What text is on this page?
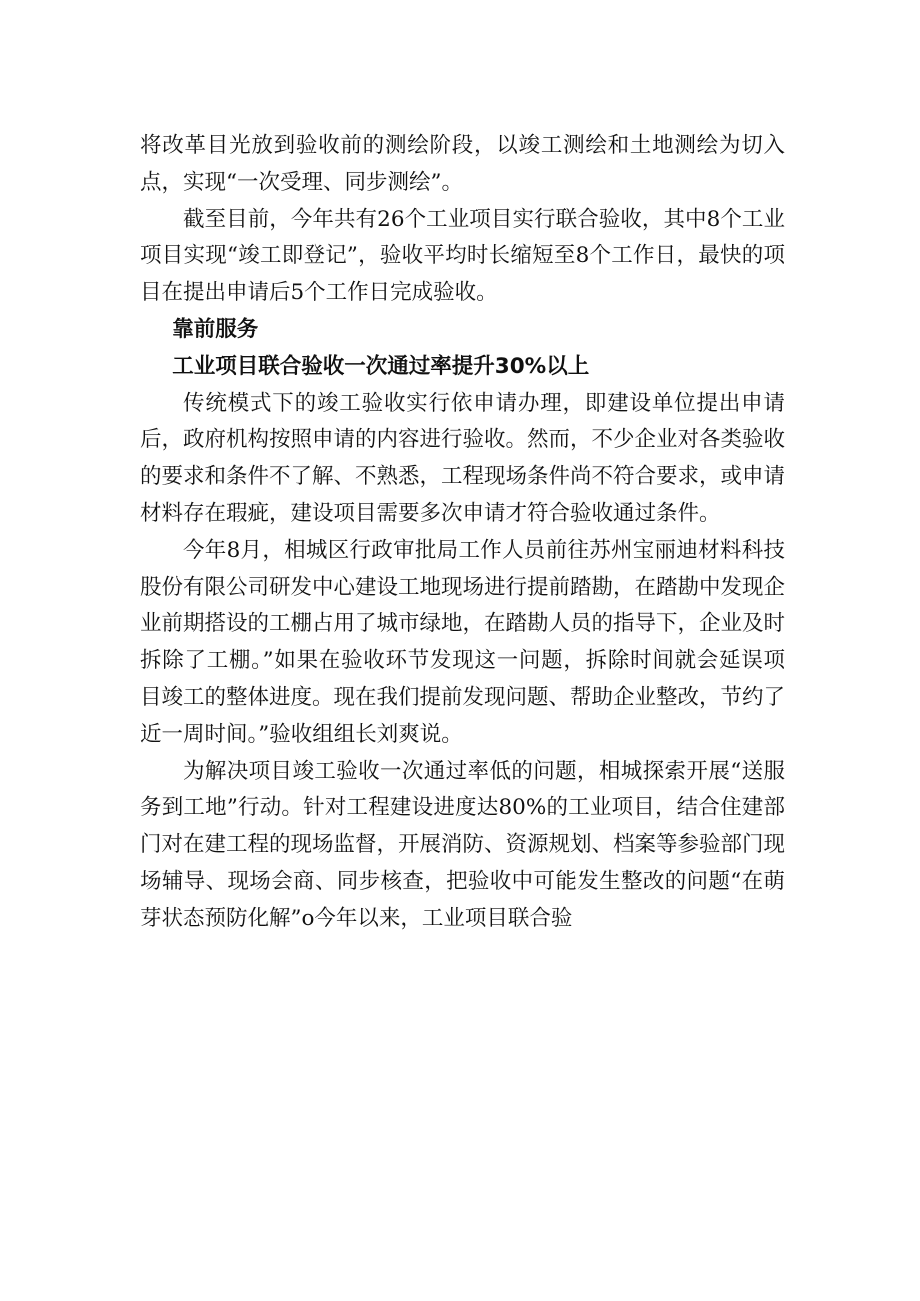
将改革目光放到验收前的测绘阶段，以竣工测绘和土地测绘为切入点，实现“一次受理、同步测绘”。

截至目前，今年共有26个工业项目实行联合验收，其中8个工业项目实现“竣工即登记”，验收平均时长缩短至8个工作日，最快的项目在提出申请后5个工作日完成验收。

靠前服务

工业项目联合验收一次通过率提升30%以上

传统模式下的竣工验收实行依申请办理，即建设单位提出申请后，政府机构按照申请的内容进行验收。然而，不少企业对各类验收的要求和条件不了解、不熟悉，工程现场条件尚不符合要求，或申请材料存在瑕疵，建设项目需要多次申请才符合验收通过条件。

今年8月，相城区行政审批局工作人员前往苏州宝丽迪材料科技股份有限公司研发中心建设工地现场进行提前踏勘，在踏勘中发现企业前期搭设的工棚占用了城市绿地，在踏勘人员的指导下，企业及时拆除了工棚。”如果在验收环节发现这一问题，拆除时间就会延误项目竣工的整体进度。现在我们提前发现问题、帮助企业整改，节约了近一周时间。”验收组组长刘爽说。

为解决项目竣工验收一次通过率低的问题，相城探索开展“送服务到工地”行动。针对工程建设进度达80%的工业项目，结合住建部门对在建工程的现场监督，开展消防、资源规划、档案等参验部门现场辅导、现场会商、同步核查，把验收中可能发生整改的问题“在萌芽状态预防化解”o今年以来，工业项目联合验
